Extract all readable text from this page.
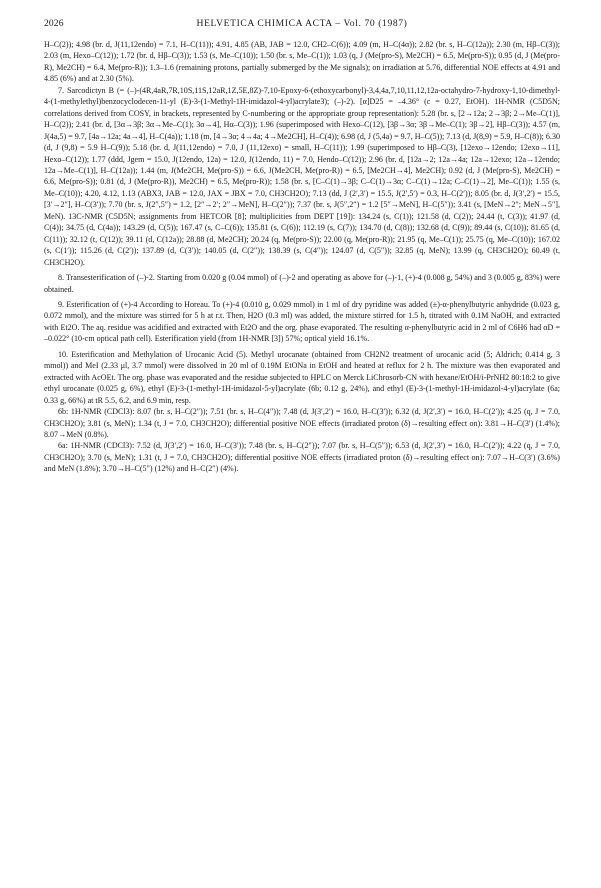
2026	HELVETICA CHIMICA ACTA – Vol. 70 (1987)

H–C(2)); 4.98 (br. d, J(11,12endo) = 7.1, H–C(11)); 4.91, 4.85 (AB, JAB = 12.0, CH2–C(6)); 4.09 (m, H–C(4α)); 2.82 (br. s, H–C(12a)); 2.30 (m, Hβ–C(3)); 2.03 (m, Hexo–C(12)); 1.72 (br. d, Hβ–C(3)); 1.53 (s, Me–C(10)); 1.50 (br. s, Me–C(1)); 1.03 (q, J (Me(pro-S), Me2CH) = 6.5, Me(pro-S)); 0.95 (d, J (Me(pro-R), Me2CH) = 6.4, Me(pro-R)); 1.3–1.6 (remaining protons, partially submerged by the Me signals); on irradiation at 5.76, differential NOE effects at 4.91 and 4.85 (6%) and at 2.30 (5%).

7. Sarcodictyn B (= (–)-(4R,4aR,7R,10S,11S,12aR,1Z,5E,8Z)-7,10-Epoxy-6-(ethoxycarbonyl)-3,4,4a,7,10,11,12,12a-octahydro-7-hydroxy-1,10-dimethyl-4-(1-methylethyl)benzocyclodecen-11-yl (E)-3-(1-Methyl-1H-imidazol-4-yl)acrylate3); (–)-2). [α]D25 = –4.36° (c = 0.27, EtOH). 1H-NMR (C5D5N; correlations derived from COSY, in brackets, represented by C-numbering or the appropriate group representation): 5.28 (br. s, [2→12a; 2→3β; 2→Me–C(1)], H–C(2)); 2.41 (br. d, [3α→3β; 3α→Me–C(1); 3α→4], Hα–C(3)); 1.96 (superimposed with Hexo–C(12), [3β→3α; 3β→Me–C(1); 3β→2], Hβ–C(3)); 4.57 (m, J(4a,5) = 9.7, [4a→12a; 4a→4], H–C(4a)); 1.18 (m, [4→3α; 4→4a; 4→Me2CH], H–C(4)); 6.98 (d, J (5,4a) = 9.7, H–C(5)); 7.13 (d, J(8,9) = 5.9, H–C(8)); 6.30 (d, J (9,8) = 5.9 H–C(9)); 5.18 (br. d, J(11,12endo) = 7.0, J (11,12exo) = small, H–C(11)); 1.99 (superimposed to Hβ–C(3), [12exo→12endo; 12exo→11], Hexo–C(12)); 1.77 (ddd, Jgem = 15.0, J(12endo, 12a) = 12.0, J(12endo, 11) = 7.0, Hendo–C(12)); 2.96 (br. d, [12a→2; 12a→4a; 12a→12exo; 12a→12endo; 12a→Me–C(1)], H–C(12a)); 1.44 (m, J(Me2CH, Me(pro-S)) = 6.6, J(Me2CH, Me(pro-R)) = 6.5, [Me2CH→4], Me2CH); 0.92 (d, J (Me(pro-S), Me2CH) = 6.6, Me(pro-S)); 0.81 (d, J (Me(pro-R)), Me2CH) = 6.5, Me(pro-R)); 1.58 (br. s, [C–C(1)→3β; C–C(1)→3α; C–C(1)→12a; C–C(1)→2], Me–C(1)); 1.55 (s, Me–C(10)); 4.20, 4.12, 1.13 (ABX3, JAB = 12.0, JAX = JBX = 7.0, CH3CH2O); 7.13 (dd, J (2′,3′) = 15.5, J(2′,5′) = 0.3, H–C(2′)); 8.05 (br. d, J(3′,2′) = 15.5, [3′→2″], H–C(3′)); 7.70 (br. s, J(2″,5″) = 1.2, [2″→2′; 2″→MeN], H–C(2″)); 7.37 (br. s, J(5″,2″) = 1.2 [5″→MeN], H–C(5″)); 3.41 (s, [MeN→2″; MeN→5″], MeN). 13C-NMR (C5D5N; assignments from HETCOR [8]; multiplicities from DEPT [19]): 134.24 (s, C(1)); 121.58 (d, C(2)); 24.44 (t, C(3)); 41.97 (d, C(4)); 34.75 (d, C(4a)); 143.29 (d, C(5)); 167.47 (s, C–C(6)); 135.81 (s, C(6)); 112.19 (s, C(7)); 134.70 (d, C(8)); 132.68 (d, C(9)); 89.44 (s, C(10)); 81.65 (d, C(11)); 32.12 (t, C(12)); 39.11 (d, C(12a)); 28.88 (d, Me2CH); 20.24 (q, Me(pro-S)); 22.00 (q, Me(pro-R)); 21.95 (q, Me–C(1)); 25.75 (q, Me–C(10)); 167.02 (s, C(1′)); 115.26 (d, C(2′)); 137.89 (d, C(3′)); 140.05 (d, C(2″)); 138.39 (s, C(4″)); 124.07 (d, C(5″)); 32.85 (q, MeN); 13.99 (q, CH3CH2O); 60.49 (t, CH3CH2O).

8. Transesterification of (–)-2. Starting from 0.020 g (0.04 mmol) of (–)-2 and operating as above for (–)-1, (+)-4 (0.008 g, 54%) and 3 (0.005 g, 83%) were obtained.

9. Esterification of (+)-4 According to Horeau. To (+)-4 (0.010 g, 0.029 mmol) in 1 ml of dry pyridine was added (±)-α-phenylbutyric anhydride (0.023 g, 0.072 mmol), and the mixture was stirred for 5 h at r.t. Then, H2O (0.3 ml) was added, the mixture stirred for 1.5 h, titrated with 0.1M NaOH, and extracted with Et2O. The aq. residue was acidified and extracted with Et2O and the org. phase evaporated. The resulting α-phenylbutyric acid in 2 ml of C6H6 had αD = –0.022° (10-cm optical path cell). Esterification yield (from 1H-NMR [3]) 57%; optical yield 16.1%.

10. Esterification and Methylation of Urocanic Acid (5). Methyl urocanate (obtained from CH2N2 treatment of urocanic acid (5; Aldrich; 0.414 g, 3 mmol)) and MeI (2.33 μl, 3.7 mmol) were dissolved in 20 ml of 0.19M EtONa in EtOH and heated at reflux for 2 h. The mixture was then evaporated and extracted with AcOEt. The org. phase was evaporated and the residue subjected to HPLC on Merck LiChrosorb-CN with hexane/EtOH/i-PrNH2 80:18:2 to give ethyl urocanate (0.025 g, 6%), ethyl (E)-3-(1-methyl-1H-imidazol-5-yl)acrylate (6b; 0.12 g, 24%), and ethyl (E)-3-(1-methyl-1H-imidazol-4-yl)acrylate (6a; 0.33 g, 66%) at tR 5.5, 6.2, and 6.9 min, resp.

6b: 1H-NMR (CDCl3): 8.07 (br. s, H–C(2″)); 7.51 (br. s, H–C(4″)); 7.48 (d, J(3′,2′) = 16.0, H–C(3′)); 6.32 (d, J(2′,3′) = 16.0, H–C(2′)); 4.25 (q, J = 7.0, CH3CH2O); 3.81 (s, MeN); 1.34 (t, J = 7.0, CH3CH2O); differential positive NOE effects (irradiated proton (δ)→resulting effect on): 3.81→H–C(3′) (1.4%); 8.07→MeN (0.8%).

6a: 1H-NMR (CDCl3): 7.52 (d, J(3′,2′) = 16.0, H–C(3′)); 7.48 (br. s, H–C(2″)); 7.07 (br. s, H–C(5″)); 6.53 (d, J(2′,3′) = 16.0, H–C(2′)); 4.22 (q, J = 7.0, CH3CH2O); 3.70 (s, MeN); 1.31 (t, J = 7.0, CH3CH2O); differential positive NOE effects (irradiated proton (δ)→resulting effect on): 7.07→H–C(3′) (3.6%) and MeN (1.8%); 3.70→H–C(5″) (12%) and H–C(2″) (4%).
